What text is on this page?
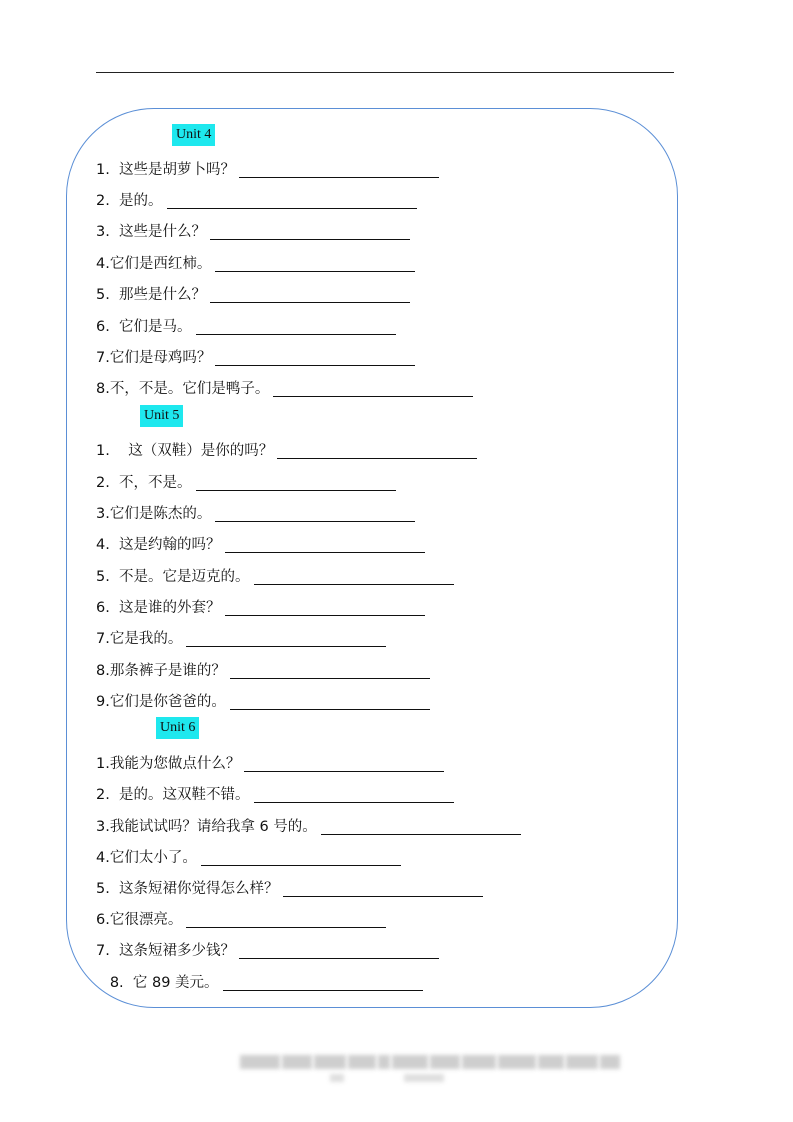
Unit 4
1.  这些是胡萝卜吗？
2.  是的。
3.  这些是什么？
4.它们是西红柿。
5.  那些是什么？
6.  它们是马。
7.它们是母鸡吗？
8.不，不是。它们是鸭子。
Unit 5
1.    这（双鞋）是你的吗？
2.  不，不是。
3.它们是陈杰的。
4.  这是约翰的吗？
5.  不是。它是迈克的。
6.  这是谁的外套？
7.它是我的。
8.那条裤子是谁的？
9.它们是你爸爸的。
Unit 6
1.我能为您做点什么？
2.  是的。这双鞋不错。
3.我能试试吗？请给我拿 6 号的。
4.它们太小了。
5.  这条短裙你觉得怎么样？
6.它很漂亮。
7.  这条短裙多少钱？
8.  它 89 美元。
